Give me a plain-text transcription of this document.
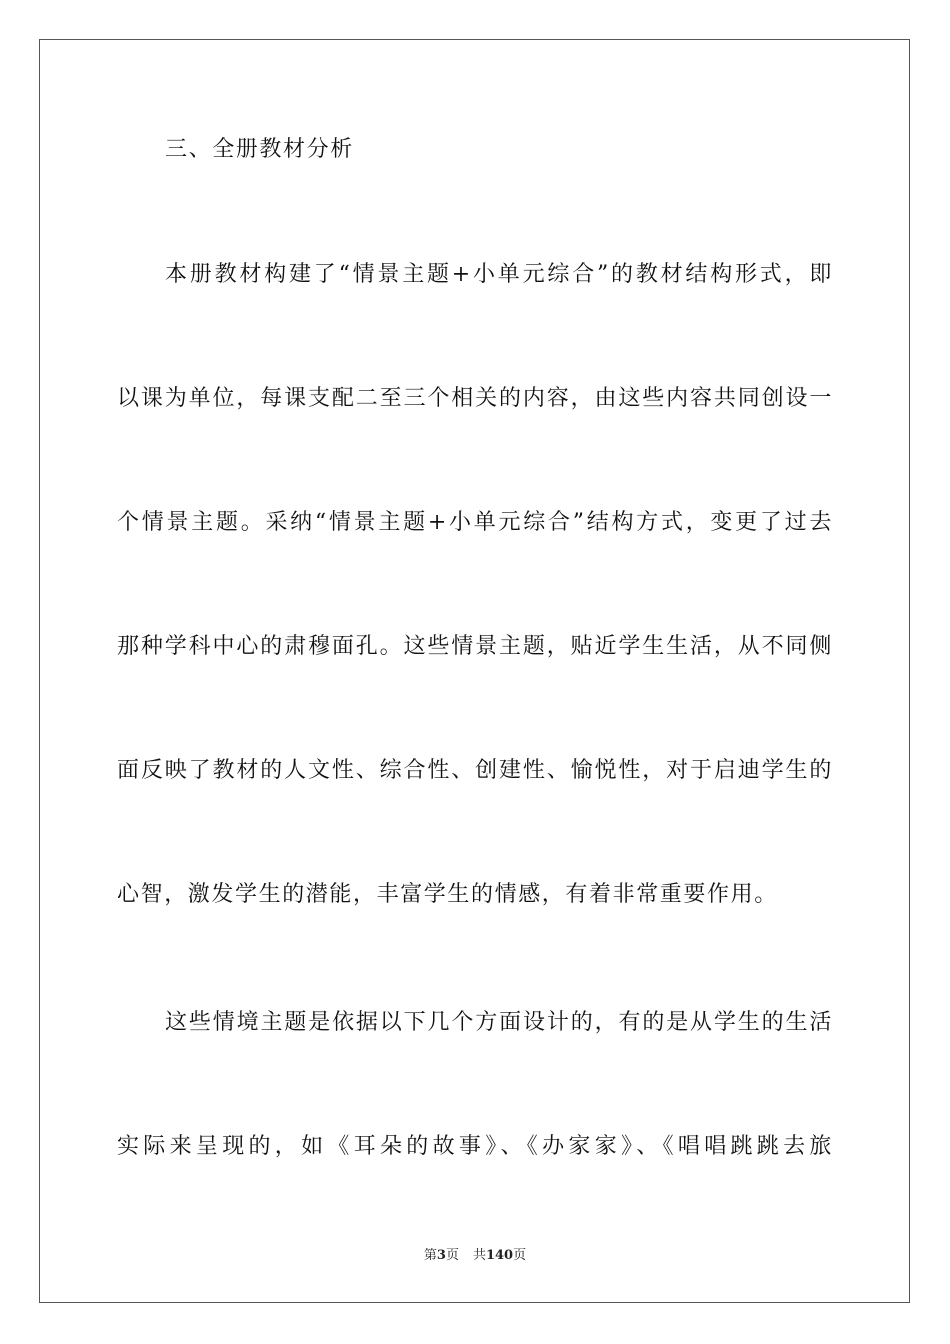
三、全册教材分析
本册教材构建了“情景主题+小单元综合”的教材结构形式，即
以课为单位，每课支配二至三个相关的内容，由这些内容共同创设一
个情景主题。采纳“情景主题+小单元综合”结构方式，变更了过去
那种学科中心的肃穆面孔。这些情景主题，贴近学生生活，从不同侧
面反映了教材的人文性、综合性、创建性、愉悦性，对于启迪学生的
心智，激发学生的潜能，丰富学生的情感，有着非常重要作用。
这些情境主题是依据以下几个方面设计的，有的是从学生的生活
实际来呈现的，如《耳朵的故事》、《办家家》、《唱唱跳跳去旅
第3页 共140页
